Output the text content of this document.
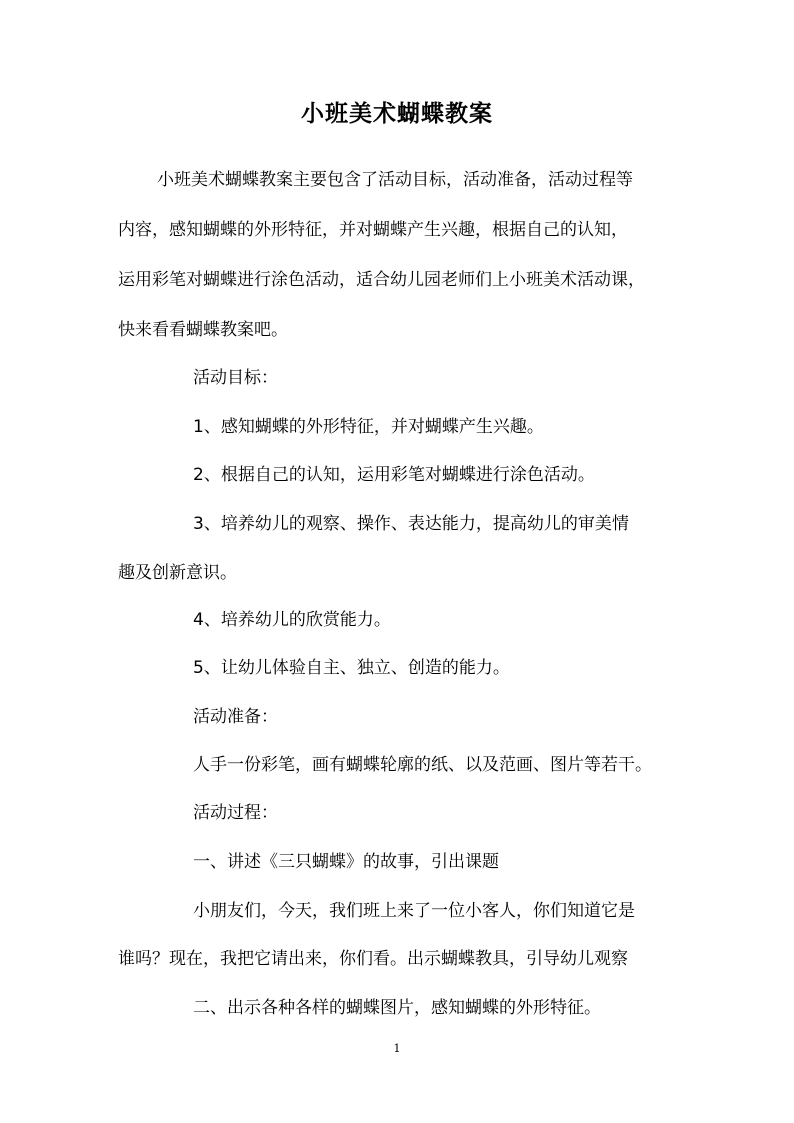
小班美术蝴蝶教案
小班美术蝴蝶教案主要包含了活动目标，活动准备，活动过程等
内容，感知蝴蝶的外形特征，并对蝴蝶产生兴趣，根据自己的认知，
运用彩笔对蝴蝶进行涂色活动，适合幼儿园老师们上小班美术活动课，
快来看看蝴蝶教案吧。
活动目标：
1、感知蝴蝶的外形特征，并对蝴蝶产生兴趣。
2、根据自己的认知，运用彩笔对蝴蝶进行涂色活动。
3、培养幼儿的观察、操作、表达能力，提高幼儿的审美情
趣及创新意识。
4、培养幼儿的欣赏能力。
5、让幼儿体验自主、独立、创造的能力。
活动准备：
人手一份彩笔，画有蝴蝶轮廓的纸、以及范画、图片等若干。
活动过程：
一、讲述《三只蝴蝶》的故事，引出课题
小朋友们，今天，我们班上来了一位小客人，你们知道它是
谁吗？现在，我把它请出来，你们看。出示蝴蝶教具，引导幼儿观察
二、出示各种各样的蝴蝶图片，感知蝴蝶的外形特征。
1
